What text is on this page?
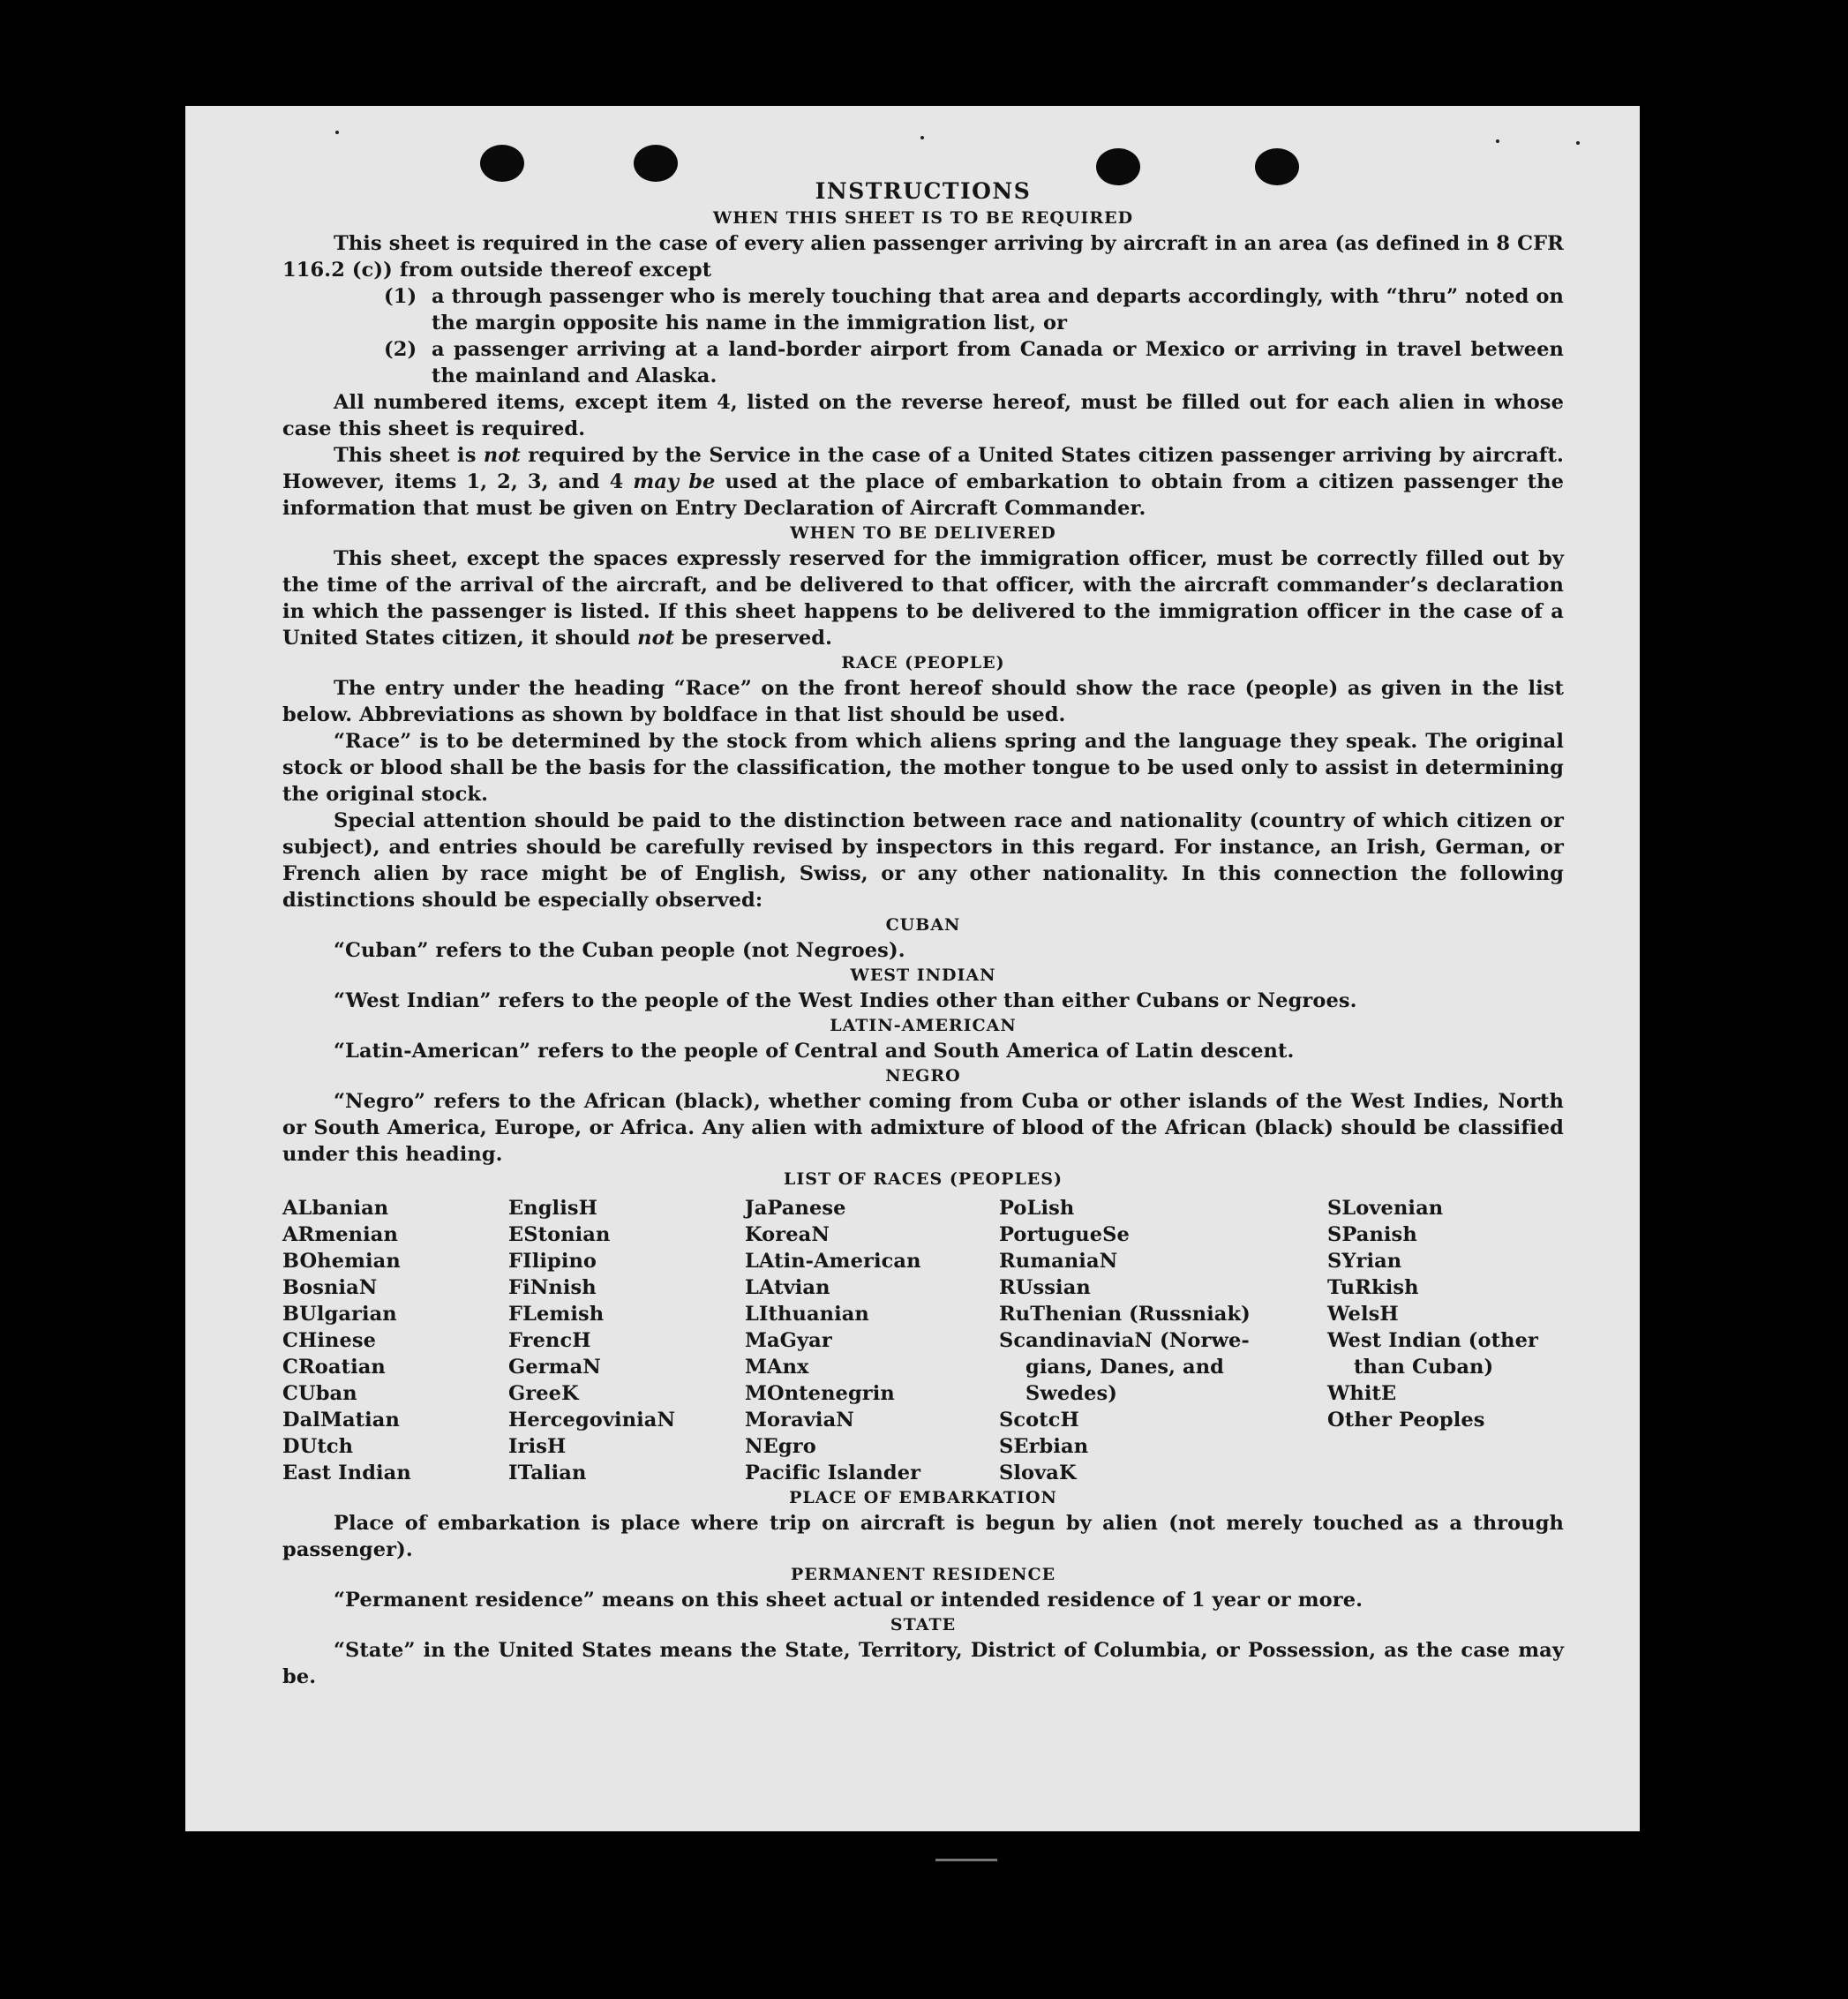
INSTRUCTIONS

WHEN THIS SHEET IS TO BE REQUIRED

This sheet is required in the case of every alien passenger arriving by aircraft in an area (as defined in 8 CFR 116.2 (c)) from outside thereof except

(1) a through passenger who is merely touching that area and departs accordingly, with “thru” noted on the margin opposite his name in the immigration list, or
(2) a passenger arriving at a land-border airport from Canada or Mexico or arriving in travel between the mainland and Alaska.

All numbered items, except item 4, listed on the reverse hereof, must be filled out for each alien in whose case this sheet is required.

This sheet is not required by the Service in the case of a United States citizen passenger arriving by aircraft. However, items 1, 2, 3, and 4 may be used at the place of embarkation to obtain from a citizen passenger the information that must be given on Entry Declaration of Aircraft Commander.

WHEN TO BE DELIVERED

This sheet, except the spaces expressly reserved for the immigration officer, must be correctly filled out by the time of the arrival of the aircraft, and be delivered to that officer, with the aircraft commander’s declaration in which the passenger is listed. If this sheet happens to be delivered to the immigration officer in the case of a United States citizen, it should not be preserved.

RACE (PEOPLE)

The entry under the heading “Race” on the front hereof should show the race (people) as given in the list below. Abbreviations as shown by boldface in that list should be used.

“Race” is to be determined by the stock from which aliens spring and the language they speak. The original stock or blood shall be the basis for the classification, the mother tongue to be used only to assist in determining the original stock.

Special attention should be paid to the distinction between race and nationality (country of which citizen or subject), and entries should be carefully revised by inspectors in this regard. For instance, an Irish, German, or French alien by race might be of English, Swiss, or any other nationality. In this connection the following distinctions should be especially observed:

CUBAN

“Cuban” refers to the Cuban people (not Negroes).

WEST INDIAN

“West Indian” refers to the people of the West Indies other than either Cubans or Negroes.

LATIN-AMERICAN

“Latin-American” refers to the people of Central and South America of Latin descent.

NEGRO

“Negro” refers to the African (black), whether coming from Cuba or other islands of the West Indies, North or South America, Europe, or Africa. Any alien with admixture of blood of the African (black) should be classified under this heading.

LIST OF RACES (PEOPLES)

ALbanian
ARmenian
BOhemian
BosniaN
BUlgarian
CHinese
CRoatian
CUban
DalMatian
DUtch
East Indian
EnglisH
EStonian
FIlipino
FiNnish
FLemish
FrencH
GermaN
GreeK
HercegoviniaN
IrisH
ITalian
JaPanese
KoreaN
LAtin-American
LAtvian
LIthuanian
MaGyar
MAnx
MOntenegrin
MoraviaN
NEgro
Pacific Islander
PoLish
PortugueSe
RumaniaN
RUssian
RuThenian (Russniak)
ScandinaviaN (Norwe-
gians, Danes, and
Swedes)
ScotcH
SErbian
SlovaK
SLovenian
SPanish
SYrian
TuRkish
WelsH
West Indian (other
than Cuban)
WhitE
Other Peoples

PLACE OF EMBARKATION

Place of embarkation is place where trip on aircraft is begun by alien (not merely touched as a through passenger).

PERMANENT RESIDENCE

“Permanent residence” means on this sheet actual or intended residence of 1 year or more.

STATE

“State” in the United States means the State, Territory, District of Columbia, or Possession, as the case may be.
